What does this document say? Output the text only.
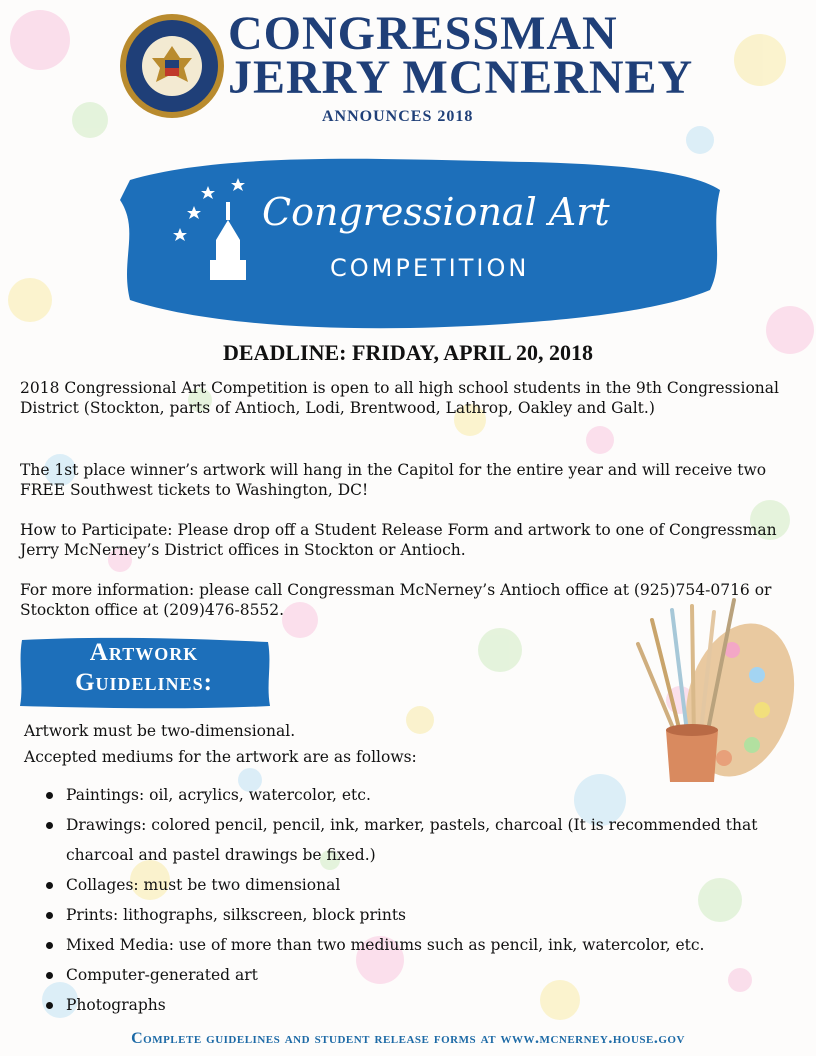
CONGRESSMAN
JERRY MCNERNEY
ANNOUNCES 2018
Congressional Art
COMPETITION
DEADLINE: FRIDAY, APRIL 20, 2018
2018 Congressional Art Competition is open to all high school students in the 9th Congressional District (Stockton, parts of Antioch, Lodi, Brentwood, Lathrop, Oakley and Galt.)
The 1st place winner’s artwork will hang in the Capitol for the entire year and will receive two FREE Southwest tickets to Washington, DC!
How to Participate: Please drop off a Student Release Form and artwork to one of Congressman Jerry McNerney’s District offices in Stockton or Antioch.
For more information: please call Congressman McNerney’s Antioch office at (925)754-0716 or Stockton office at (209)476-8552.
Artwork
Guidelines:
Artwork must be two-dimensional.
Accepted mediums for the artwork are as follows:
Paintings: oil, acrylics, watercolor, etc.
Drawings: colored pencil, pencil, ink, marker, pastels, charcoal (It is recommended that charcoal and pastel drawings be fixed.)
Collages: must be two dimensional
Prints: lithographs, silkscreen, block prints
Mixed Media: use of more than two mediums such as pencil, ink, watercolor, etc.
Computer-generated art
Photographs
Complete guidelines and student release forms at www.mcnerney.house.gov
